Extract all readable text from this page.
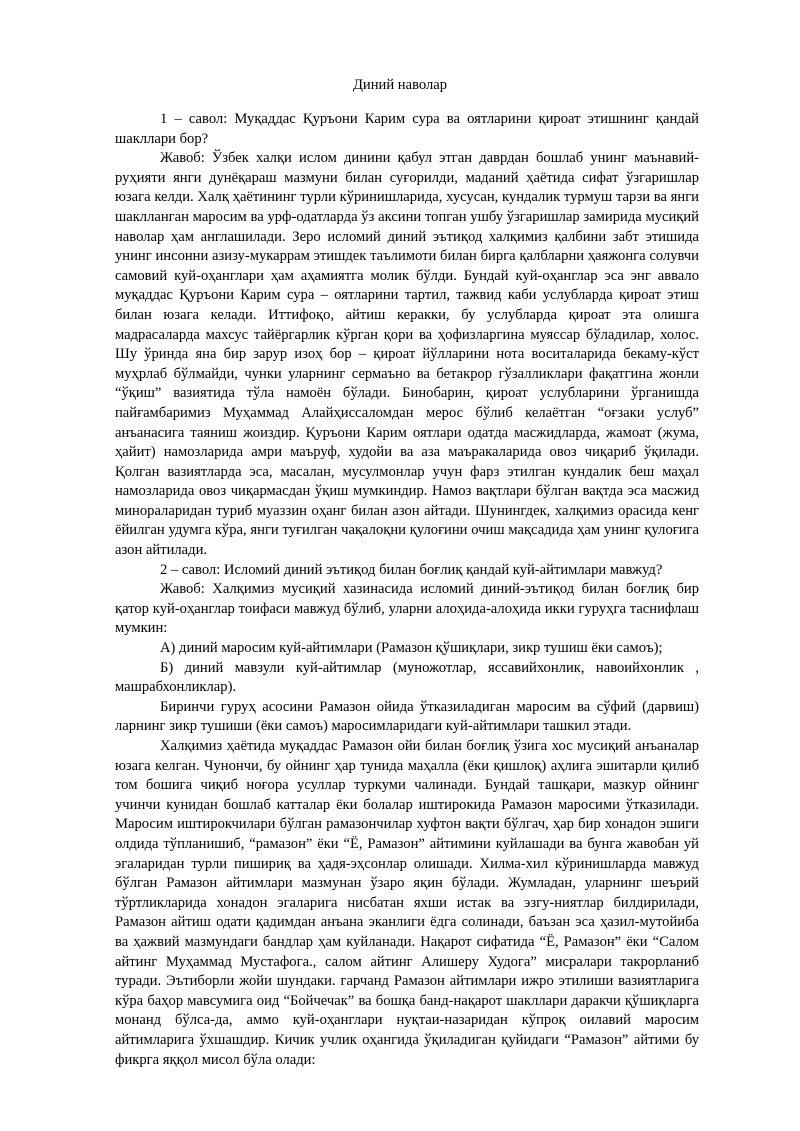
Диний наволар

1 – савол: Муқаддас Қуръони Карим сура ва оятларини қироат этишнинг қандай шакллари бор?

Жавоб: Ўзбек халқи ислом динини қабул этган даврдан бошлаб унинг маънавий-руҳияти янги дунёқараш мазмуни билан суғорилди, маданий ҳаётида сифат ўзгаришлар юзага келди. Халқ ҳаётининг турли кўринишларида, хусусан, кундалик турмуш тарзи ва янги шаклланган маросим ва урф-одатларда ўз аксини топган ушбу ўзгаришлар замирида мусиқий наволар ҳам англашилади. Зеро исломий диний эътиқод халқимиз қалбини забт этишида унинг инсонни азизу-мукаррам этишдек таълимоти билан бирга қалбларни ҳаяжонга солувчи самовий куй-оҳанглари ҳам аҳамиятга молик бўлди. Бундай куй-оҳанглар эса энг аввало муқаддас Қуръони Карим сура – оятларини тартил, тажвид каби услубларда қироат этиш билан юзага келади. Иттифоқо, айтиш керакки, бу услубларда қироат эта олишга мадрасаларда махсус тайёргарлик кўрган қори ва ҳофизларгина муяссар бўладилар, холос. Шу ўринда яна бир зарур изоҳ бор – қироат йўлларини нота воситаларида бекаму-кўст муҳрлаб бўлмайди, чунки уларнинг сермаъно ва бетакрор гўзалликлари фақатгина жонли “ўқиш” вазиятида тўла намоён бўлади. Бинобарин, қироат услубларини ўрганишда пайғамбаримиз Муҳаммад Алайҳиссаломдан мерос бўлиб келаётган “оғзаки услуб” анъанасига таяниш жоиздир. Қуръони Карим оятлари одатда масжидларда, жамоат (жума, ҳайит) намозларида амри маъруф, худойи ва аза маъракаларида овоз чиқариб ўқилади. Қолган вазиятларда эса, масалан, мусулмонлар учун фарз этилган кундалик беш маҳал намозларида овоз чиқармасдан ўқиш мумкиндир. Намоз вақтлари бўлган вақтда эса масжид минораларидан туриб муаззин оҳанг билан азон айтади. Шунингдек, халқимиз орасида кенг ёйилган удумга кўра, янги туғилган чақалоқни қулоғини очиш мақсадида ҳам унинг қулоғига азон айтилади.

2 – савол: Исломий диний эътиқод билан боғлиқ қандай куй-айтимлари мавжуд?

Жавоб: Халқимиз мусиқий хазинасида исломий диний-эътиқод билан боғлиқ бир қатор куй-оҳанглар тоифаси мавжуд бўлиб, уларни алоҳида-алоҳида икки гуруҳга таснифлаш мумкин:

А) диний маросим куй-айтимлари (Рамазон қўшиқлари, зикр тушиш ёки самоъ);

Б) диний мавзули куй-айтимлар (муножотлар, яссавийхонлик, навоийхонлик , машрабхонликлар).

Биринчи гуруҳ асосини Рамазон ойида ўтказиладиган маросим ва сўфий (дарвиш) ларнинг зикр тушиши (ёки самоъ) маросимларидаги куй-айтимлари ташкил этади.

Халқимиз ҳаётида муқаддас Рамазон ойи билан боғлиқ ўзига хос мусиқий анъаналар юзага келган. Чунончи, бу ойнинг ҳар тунида маҳалла (ёки қишлоқ) аҳлига эшитарли қилиб том бошига чиқиб ноғора усуллар туркуми чалинади. Бундай ташқари, мазкур ойнинг учинчи кунидан бошлаб катталар ёки болалар иштирокида Рамазон маросими ўтказилади. Маросим иштирокчилари бўлган рамазончилар хуфтон вақти бўлгач, ҳар бир хонадон эшиги олдида тўпланишиб, “рамазон” ёки “Ё, Рамазон” айтимини куйлашади ва бунга жавобан уй эгаларидан турли пишириқ ва ҳадя-эҳсонлар олишади. Хилма-хил кўринишларда мавжуд бўлган Рамазон айтимлари мазмунан ўзаро яқин бўлади. Жумладан, уларнинг шеърий тўртликларида хонадон эгаларига нисбатан яхши истак ва эзгу-ниятлар билдирилади, Рамазон айтиш одати қадимдан анъана эканлиги ёдга солинади, баъзан эса ҳазил-мутойиба ва ҳажвий мазмундаги бандлар ҳам куйланади. Нақарот сифатида “Ё, Рамазон” ёки “Салом айтинг Муҳаммад Мустафога., салом айтинг Алишеру Худога” мисралари такрорланиб туради. Эътиборли жойи шундаки. гарчанд Рамазон айтимлари ижро этилиши вазиятларига кўра баҳор мавсумига оид “Бойчечак” ва бошқа банд-нақарот шакллари даракчи қўшиқларга монанд бўлса-да, аммо куй-оҳанглари нуқтаи-назаридан кўпроқ оилавий маросим айтимларига ўхшашдир. Кичик учлик оҳангида ўқиладиган қуйидаги “Рамазон” айтими бу фикрга яққол мисол бўла олади:
